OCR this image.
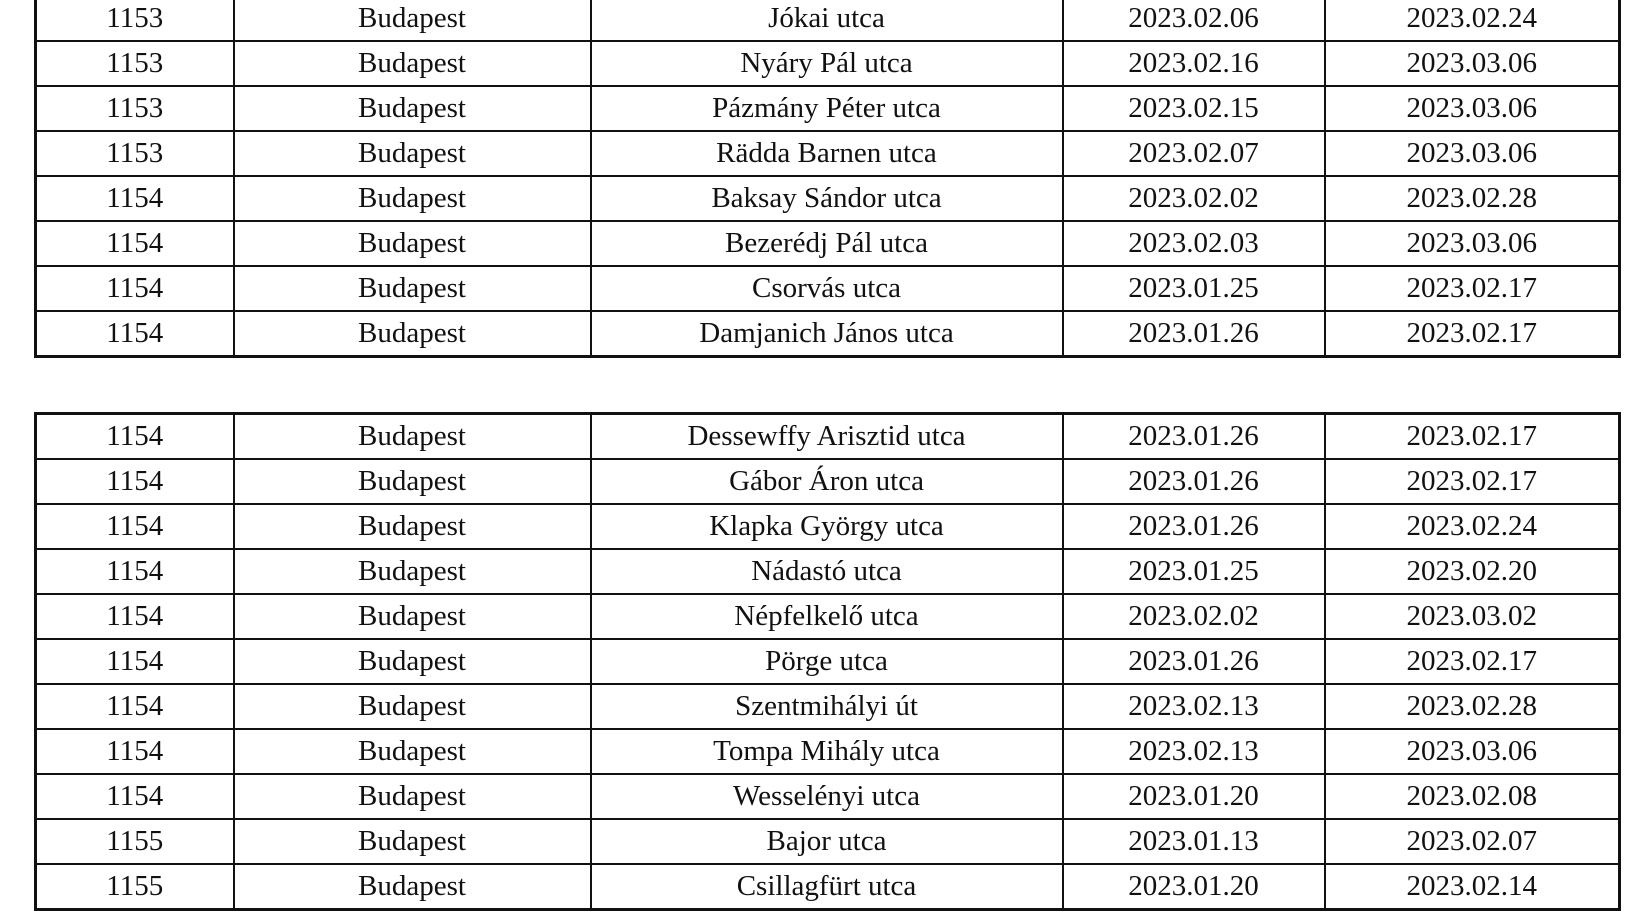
1153	Budapest	Jókai utca	2023.02.06	2023.02.24
1153	Budapest	Nyáry Pál utca	2023.02.16	2023.03.06
1153	Budapest	Pázmány Péter utca	2023.02.15	2023.03.06
1153	Budapest	Rädda Barnen utca	2023.02.07	2023.03.06
1154	Budapest	Baksay Sándor utca	2023.02.02	2023.02.28
1154	Budapest	Bezerédj Pál utca	2023.02.03	2023.03.06
1154	Budapest	Csorvás utca	2023.01.25	2023.02.17
1154	Budapest	Damjanich János utca	2023.01.26	2023.02.17
1154	Budapest	Dessewffy Arisztid utca	2023.01.26	2023.02.17
1154	Budapest	Gábor Áron utca	2023.01.26	2023.02.17
1154	Budapest	Klapka György utca	2023.01.26	2023.02.24
1154	Budapest	Nádastó utca	2023.01.25	2023.02.20
1154	Budapest	Népfelkelő utca	2023.02.02	2023.03.02
1154	Budapest	Pörge utca	2023.01.26	2023.02.17
1154	Budapest	Szentmihályi út	2023.02.13	2023.02.28
1154	Budapest	Tompa Mihály utca	2023.02.13	2023.03.06
1154	Budapest	Wesselényi utca	2023.01.20	2023.02.08
1155	Budapest	Bajor utca	2023.01.13	2023.02.07
1155	Budapest	Csillagfürt utca	2023.01.20	2023.02.14
